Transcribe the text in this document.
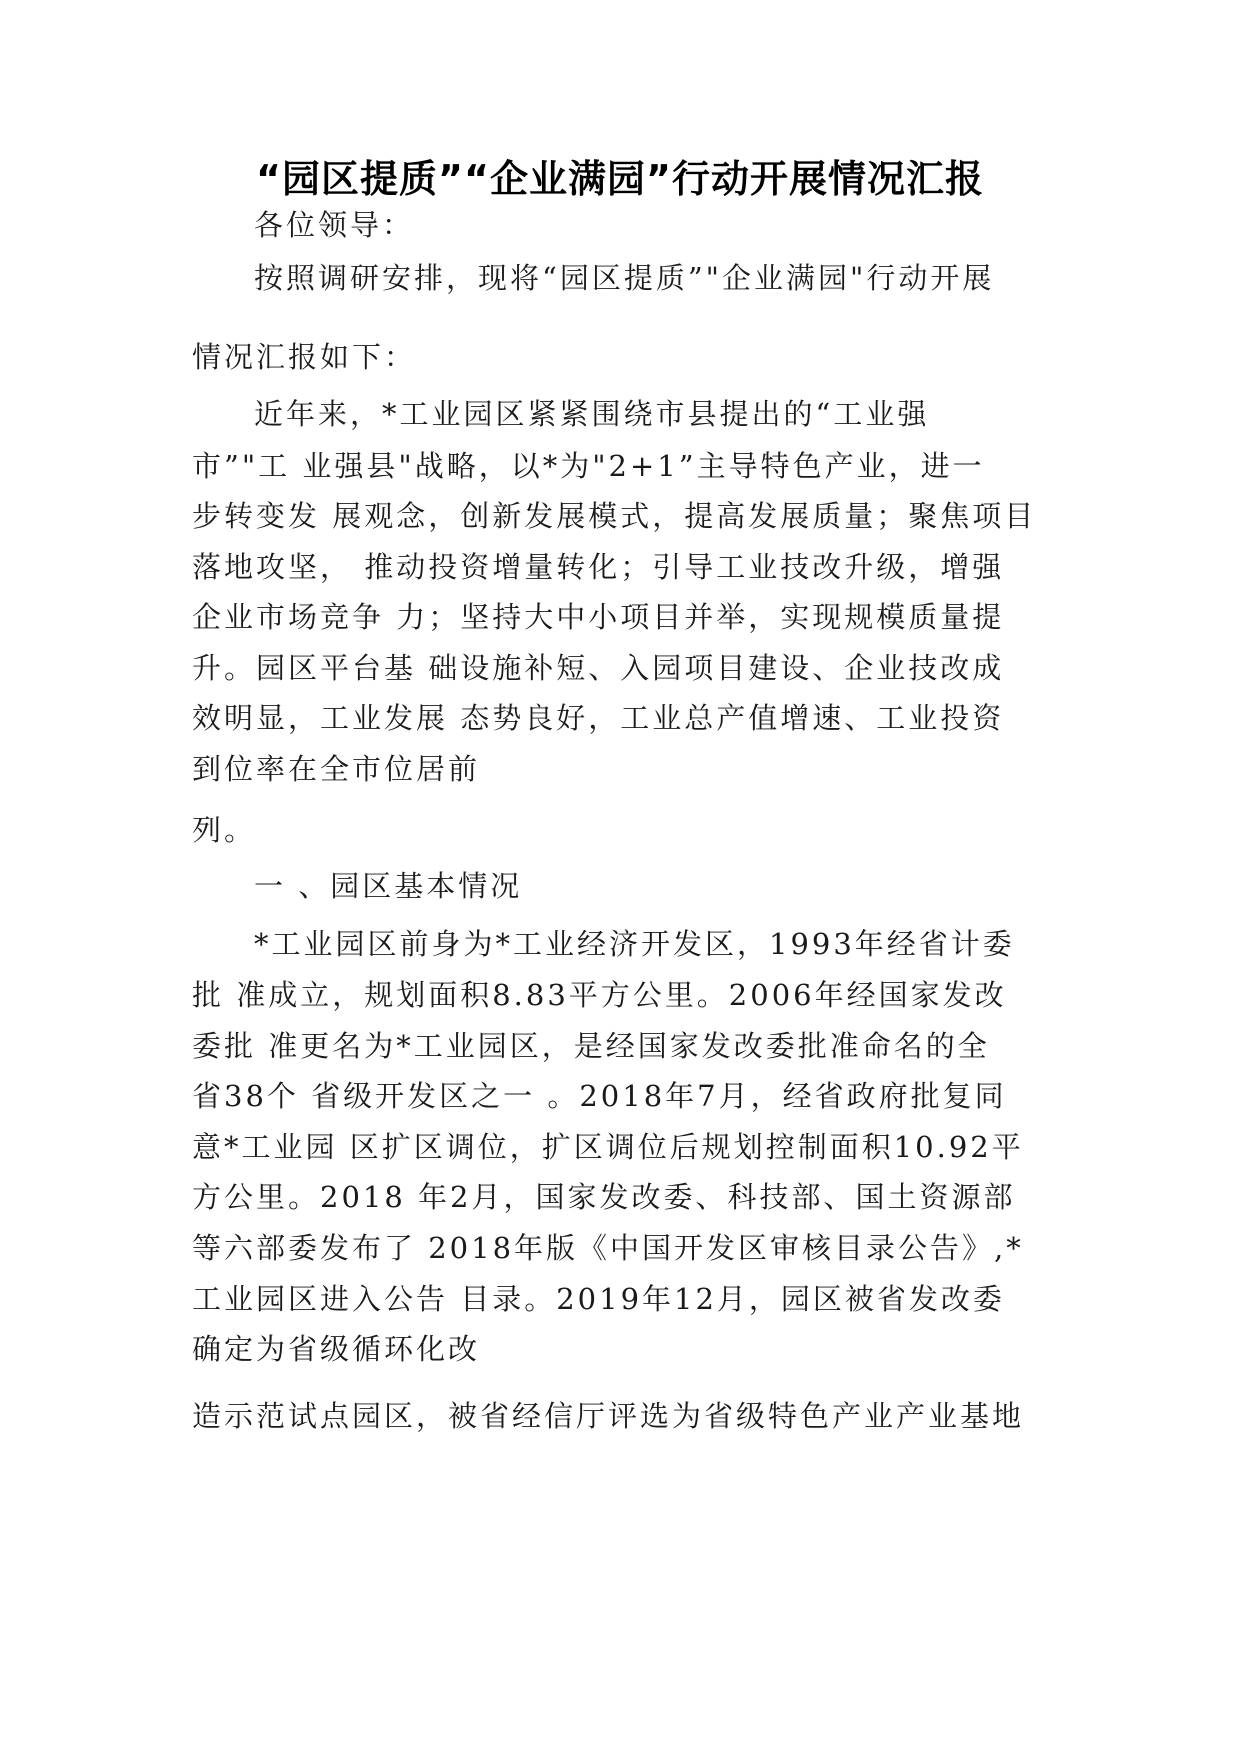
“园区提质”“企业满园”行动开展情况汇报
各位领导：
按照调研安排，现将“园区提质”"企业满园"行动开展
情况汇报如下：
近年来，*工业园区紧紧围绕市县提出的“工业强
市”"工 业强县"战略，以*为"2+1”主导特色产业，进一
步转变发 展观念，创新发展模式，提高发展质量；聚焦项目
落地攻坚， 推动投资增量转化；引导工业技改升级，增强
企业市场竞争 力；坚持大中小项目并举，实现规模质量提
升。园区平台基 础设施补短、入园项目建设、企业技改成
效明显，工业发展 态势良好，工业总产值增速、工业投资
到位率在全市位居前
列。
一 、园区基本情况
*工业园区前身为*工业经济开发区，1993年经省计委
批 准成立，规划面积8.83平方公里。2006年经国家发改
委批 准更名为*工业园区，是经国家发改委批准命名的全
省38个 省级开发区之一 。2018年7月，经省政府批复同
意*工业园 区扩区调位，扩区调位后规划控制面积10.92平
方公里。2018 年2月，国家发改委、科技部、国土资源部
等六部委发布了 2018年版《中国开发区审核目录公告》,*
工业园区进入公告 目录。2019年12月，园区被省发改委
确定为省级循环化改
造示范试点园区，被省经信厅评选为省级特色产业产业基地
